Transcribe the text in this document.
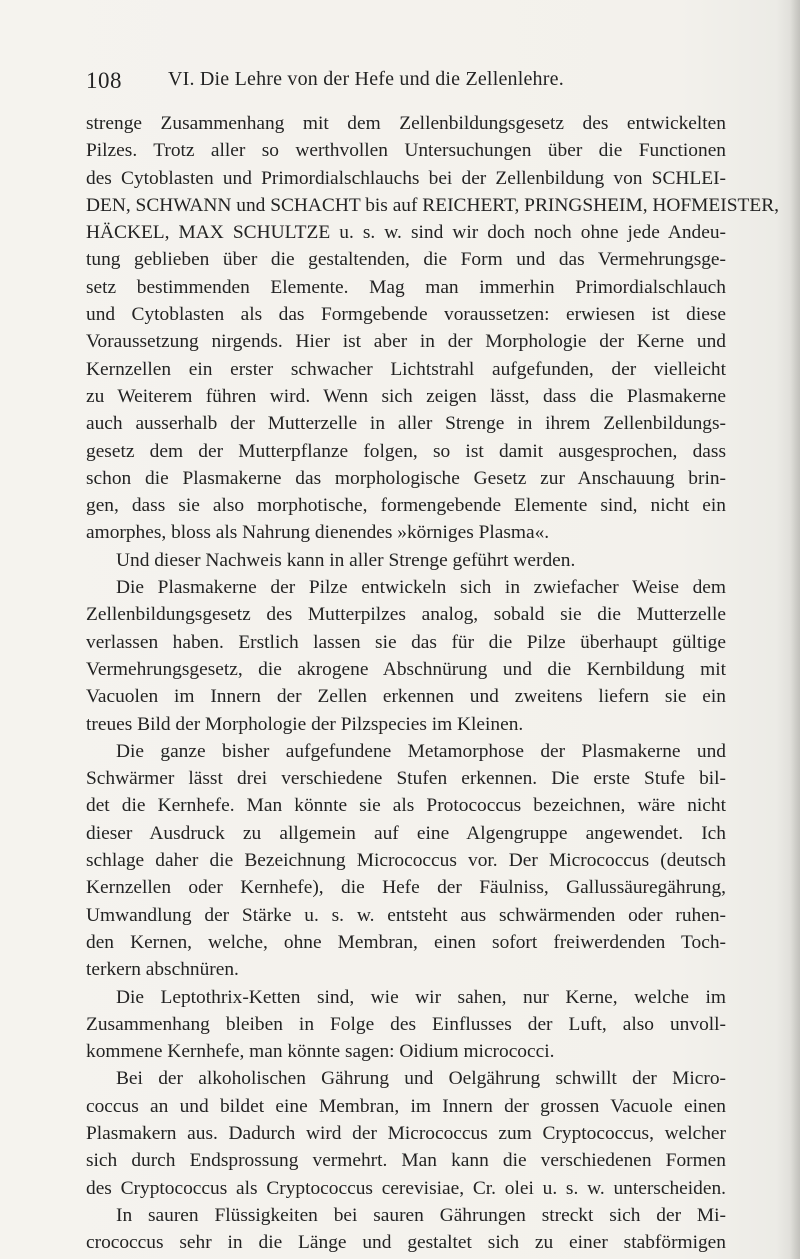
108 VI. Die Lehre von der Hefe und die Zellenlehre.
strenge Zusammenhang mit dem Zellenbildungsgesetz des entwickelten
Pilzes. Trotz aller so werthvollen Untersuchungen über die Functionen
des Cytoblasten und Primordialschlauchs bei der Zellenbildung von SCHLEI-
DEN, SCHWANN und SCHACHT bis auf REICHERT, PRINGSHEIM, HOFMEISTER,
HÄCKEL, MAX SCHULTZE u. s. w. sind wir doch noch ohne jede Andeu-
tung geblieben über die gestaltenden, die Form und das Vermehrungsge-
setz bestimmenden Elemente. Mag man immerhin Primordialschlauch
und Cytoblasten als das Formgebende voraussetzen: erwiesen ist diese
Voraussetzung nirgends. Hier ist aber in der Morphologie der Kerne und
Kernzellen ein erster schwacher Lichtstrahl aufgefunden, der vielleicht
zu Weiterem führen wird. Wenn sich zeigen lässt, dass die Plasmakerne
auch ausserhalb der Mutterzelle in aller Strenge in ihrem Zellenbildungs-
gesetz dem der Mutterpflanze folgen, so ist damit ausgesprochen, dass
schon die Plasmakerne das morphologische Gesetz zur Anschauung brin-
gen, dass sie also morphotische, formengebende Elemente sind, nicht ein
amorphes, bloss als Nahrung dienendes »körniges Plasma«.
Und dieser Nachweis kann in aller Strenge geführt werden.
Die Plasmakerne der Pilze entwickeln sich in zwiefacher Weise dem
Zellenbildungsgesetz des Mutterpilzes analog, sobald sie die Mutterzelle
verlassen haben. Erstlich lassen sie das für die Pilze überhaupt gültige
Vermehrungsgesetz, die akrogene Abschnürung und die Kernbildung mit
Vacuolen im Innern der Zellen erkennen und zweitens liefern sie ein
treues Bild der Morphologie der Pilzspecies im Kleinen.
Die ganze bisher aufgefundene Metamorphose der Plasmakerne und
Schwärmer lässt drei verschiedene Stufen erkennen. Die erste Stufe bil-
det die Kernhefe. Man könnte sie als Protococcus bezeichnen, wäre nicht
dieser Ausdruck zu allgemein auf eine Algengruppe angewendet. Ich
schlage daher die Bezeichnung Micrococcus vor. Der Micrococcus (deutsch
Kernzellen oder Kernhefe), die Hefe der Fäulniss, Gallussäuregährung,
Umwandlung der Stärke u. s. w. entsteht aus schwärmenden oder ruhen-
den Kernen, welche, ohne Membran, einen sofort freiwerdenden Toch-
terkern abschnüren.
Die Leptothrix-Ketten sind, wie wir sahen, nur Kerne, welche im
Zusammenhang bleiben in Folge des Einflusses der Luft, also unvoll-
kommene Kernhefe, man könnte sagen: Oidium micrococci.
Bei der alkoholischen Gährung und Oelgährung schwillt der Micro-
coccus an und bildet eine Membran, im Innern der grossen Vacuole einen
Plasmakern aus. Dadurch wird der Micrococcus zum Cryptococcus, welcher
sich durch Endsprossung vermehrt. Man kann die verschiedenen Formen
des Cryptococcus als Cryptococcus cerevisiae, Cr. olei u. s. w. unterscheiden.
In sauren Flüssigkeiten bei sauren Gährungen streckt sich der Mi-
crococcus sehr in die Länge und gestaltet sich zu einer stabförmigen
